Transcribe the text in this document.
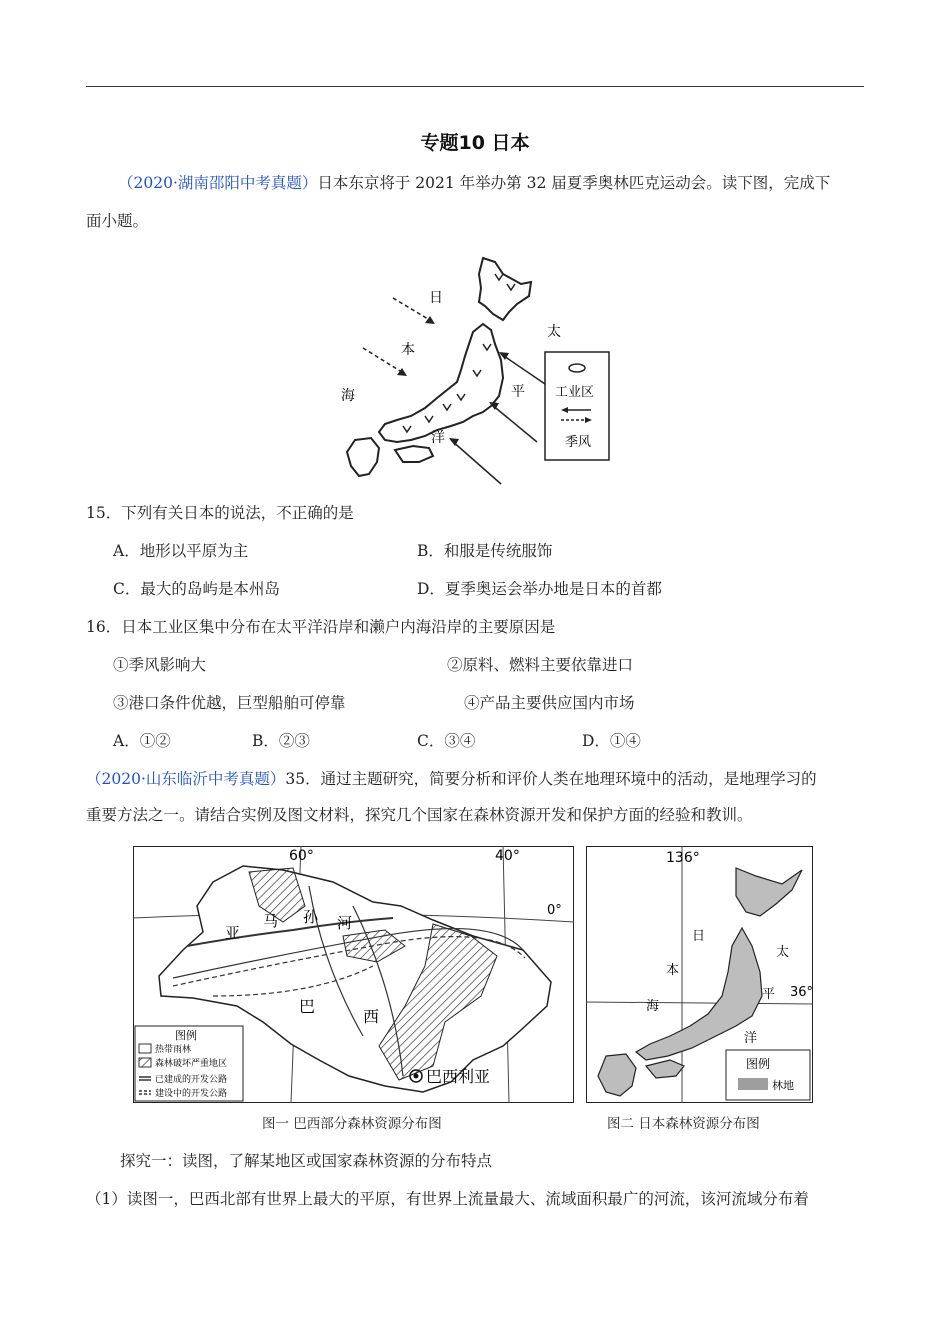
专题10 日本
（2020·湖南邵阳中考真题）日本东京将于 2021 年举办第 32 届夏季奥林匹克运动会。读下图，完成下
面小题。
日
本
海
太
平
洋
工业区
季风
15．下列有关日本的说法，不正确的是
A．地形以平原为主	B．和服是传统服饰
C．最大的岛屿是本州岛	D．夏季奥运会举办地是日本的首都
16．日本工业区集中分布在太平洋沿岸和濑户内海沿岸的主要原因是
①季风影响大	②原料、燃料主要依靠进口
③港口条件优越，巨型船舶可停靠	④产品主要供应国内市场
A．①②	B．②③	C．③④	D．①④
（2020·山东临沂中考真题）35．通过主题研究，简要分析和评价人类在地理环境中的活动，是地理学习的
重要方法之一。请结合实例及图文材料，探究几个国家在森林资源开发和保护方面的经验和教训。
60°	40°
0°
亚
马 孙 河
巴
西
巴西利亚
图例
热带雨林
森林破坏严重地区
已建成的开发公路
建设中的开发公路
图一 巴西部分森林资源分布图
136°
36°
日
本
海
太
平
洋
图例
林地
图二 日本森林资源分布图
探究一：读图，了解某地区或国家森林资源的分布特点
（1）读图一，巴西北部有世界上最大的平原，有世界上流量最大、流域面积最广的河流，该河流域分布着
